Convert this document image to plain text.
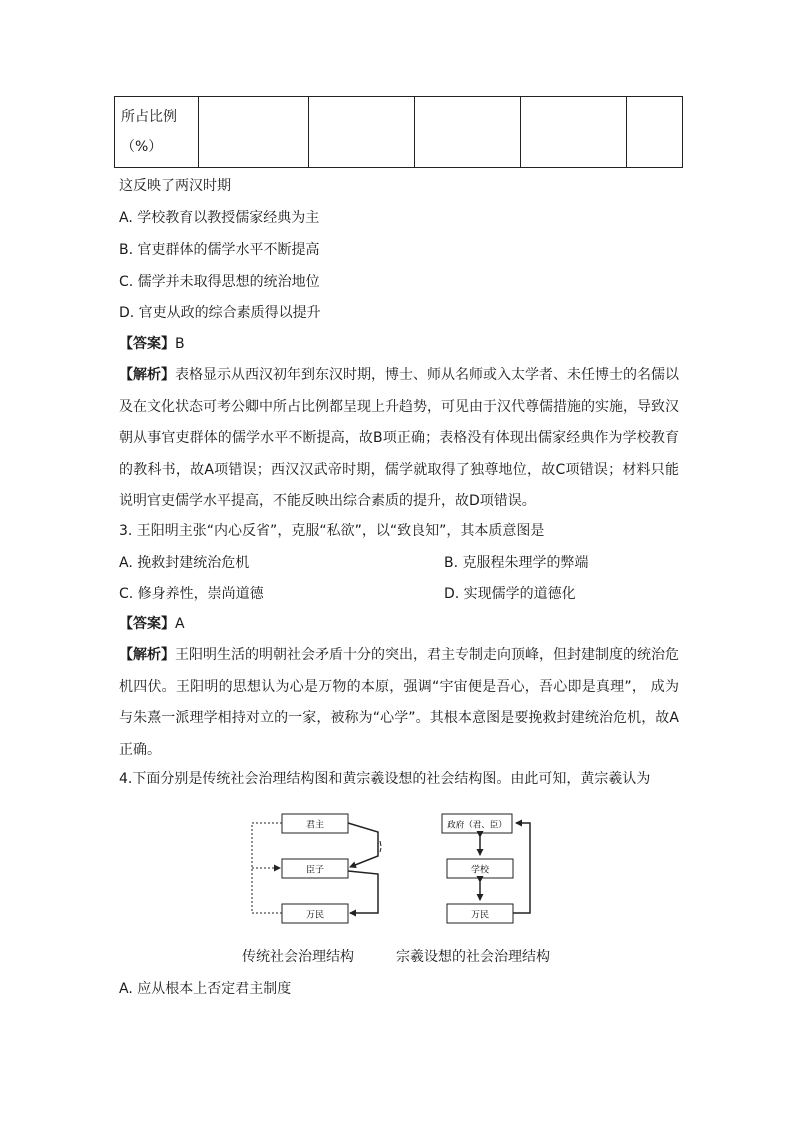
所占比例
（%）

这反映了两汉时期
A. 学校教育以教授儒家经典为主
B. 官吏群体的儒学水平不断提高
C. 儒学并未取得思想的统治地位
D. 官吏从政的综合素质得以提升
【答案】B
【解析】表格显示从西汉初年到东汉时期，博士、师从名师或入太学者、未任博士的名儒以及在文化状态可考公卿中所占比例都呈现上升趋势，可见由于汉代尊儒措施的实施，导致汉朝从事官吏群体的儒学水平不断提高，故B项正确；表格没有体现出儒家经典作为学校教育的教科书，故A项错误；西汉汉武帝时期，儒学就取得了独尊地位，故C项错误；材料只能说明官吏儒学水平提高，不能反映出综合素质的提升，故D项错误。
3. 王阳明主张“内心反省”，克服“私欲”，以“致良知”，其本质意图是
A. 挽救封建统治危机	B. 克服程朱理学的弊端
C. 修身养性，崇尚道德	D. 实现儒学的道德化
【答案】A
【解析】王阳明生活的明朝社会矛盾十分的突出，君主专制走向顶峰，但封建制度的统治危机四伏。王阳明的思想认为心是万物的本原，强调“宇宙便是吾心，吾心即是真理”， 成为与朱熹一派理学相持对立的一家，被称为“心学”。其根本意图是要挽救封建统治危机，故A正确。
4.下面分别是传统社会治理结构图和黄宗羲设想的社会结构图。由此可知，黄宗羲认为
君主
臣子
万民
政府（君、臣）
学校
万民
传统社会治理结构	宗羲设想的社会治理结构
A. 应从根本上否定君主制度
